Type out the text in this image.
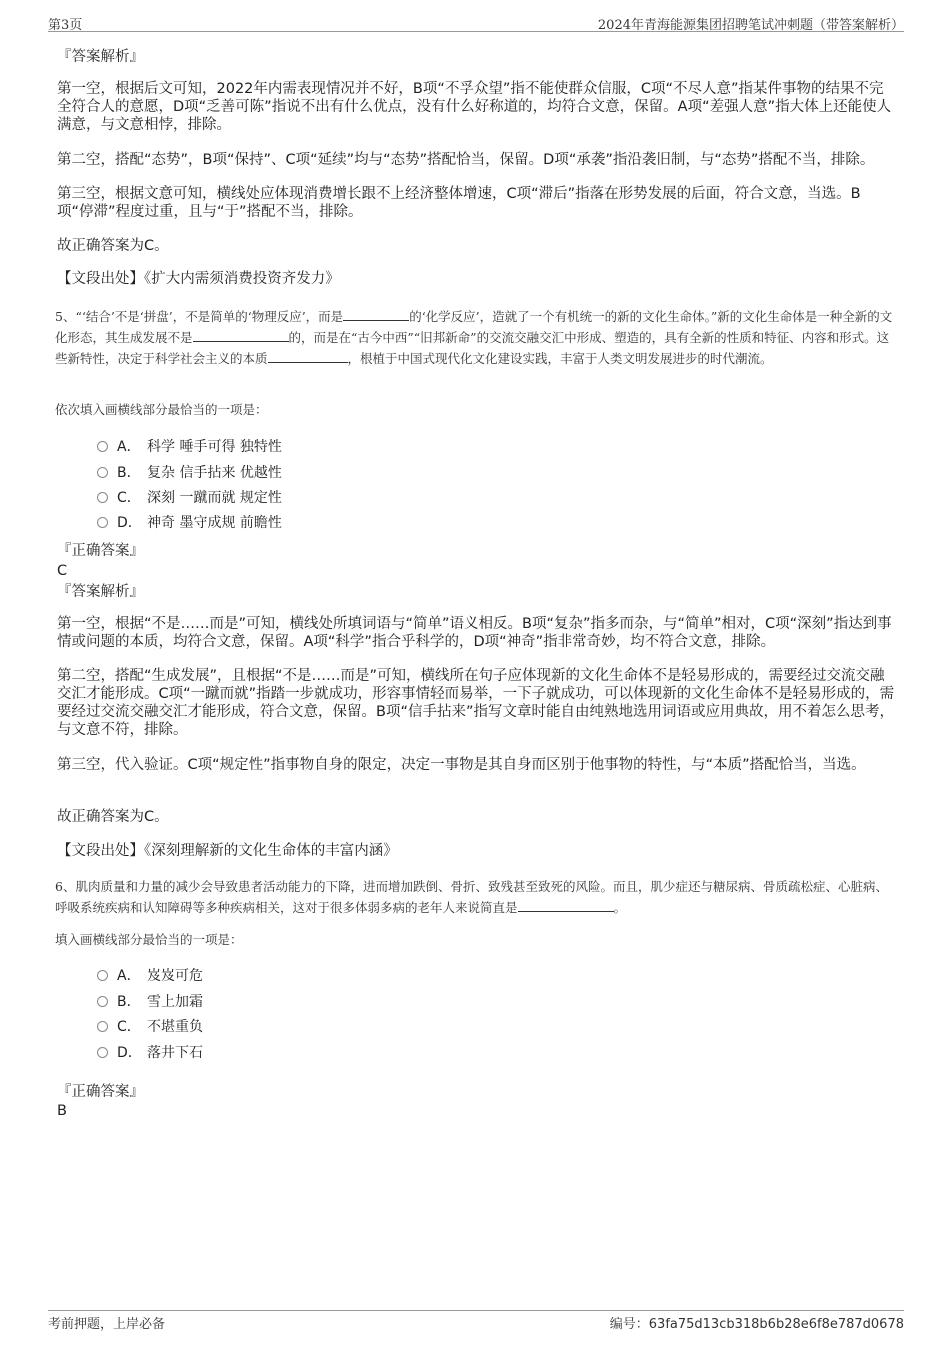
第3页	2024年青海能源集团招聘笔试冲刺题（带答案解析）
『答案解析』
第一空，根据后文可知，2022年内需表现情况并不好，B项“不孚众望”指不能使群众信服，C项“不尽人意”指某件事物的结果不完全符合人的意愿，D项“乏善可陈”指说不出有什么优点，没有什么好称道的，均符合文意，保留。A项“差强人意”指大体上还能使人满意，与文意相悖，排除。
第二空，搭配“态势”，B项“保持”、C项“延续”均与“态势”搭配恰当，保留。D项“承袭”指沿袭旧制，与“态势”搭配不当，排除。
第三空，根据文意可知，横线处应体现消费增长跟不上经济整体增速，C项“滞后”指落在形势发展的后面，符合文意，当选。B项“停滞”程度过重，且与“于”搭配不当，排除。
故正确答案为C。
【文段出处】《扩大内需须消费投资齐发力》
5、“‘结合’不是‘拼盘’，不是简单的‘物理反应’，而是	的‘化学反应’，造就了一个有机统一的新的文化生命体。”新的文化生命体是一种全新的文化形态，其生成发展不是	的，而是在“古今中西”“旧邦新命”的交流交融交汇中形成、塑造的，具有全新的性质和特征、内容和形式。这些新特性，决定于科学社会主义的本质	，根植于中国式现代化文化建设实践，丰富于人类文明发展进步的时代潮流。
依次填入画横线部分最恰当的一项是：
A． 科学 唾手可得 独特性
B． 复杂 信手拈来 优越性
C． 深刻 一蹴而就 规定性
D． 神奇 墨守成规 前瞻性
『正确答案』
C
『答案解析』
第一空，根据“不是……而是”可知，横线处所填词语与“简单”语义相反。B项“复杂”指多而杂，与“简单”相对，C项“深刻”指达到事情或问题的本质，均符合文意，保留。A项“科学”指合乎科学的，D项“神奇”指非常奇妙，均不符合文意，排除。
第二空，搭配“生成发展”，且根据“不是……而是”可知，横线所在句子应体现新的文化生命体不是轻易形成的，需要经过交流交融交汇才能形成。C项“一蹴而就”指踏一步就成功，形容事情轻而易举，一下子就成功，可以体现新的文化生命体不是轻易形成的，需要经过交流交融交汇才能形成，符合文意，保留。B项“信手拈来”指写文章时能自由纯熟地选用词语或应用典故，用不着怎么思考，与文意不符，排除。
第三空，代入验证。C项“规定性”指事物自身的限定，决定一事物是其自身而区别于他事物的特性，与“本质”搭配恰当，当选。
故正确答案为C。
【文段出处】《深刻理解新的文化生命体的丰富内涵》
6、肌肉质量和力量的减少会导致患者活动能力的下降，进而增加跌倒、骨折、致残甚至致死的风险。而且，肌少症还与糖尿病、骨质疏松症、心脏病、呼吸系统疾病和认知障碍等多种疾病相关，这对于很多体弱多病的老年人来说简直是	。
填入画横线部分最恰当的一项是：
A． 岌岌可危
B． 雪上加霜
C． 不堪重负
D． 落井下石
『正确答案』
B
考前押题，上岸必备	编号：63fa75d13cb318b6b28e6f8e787d0678
